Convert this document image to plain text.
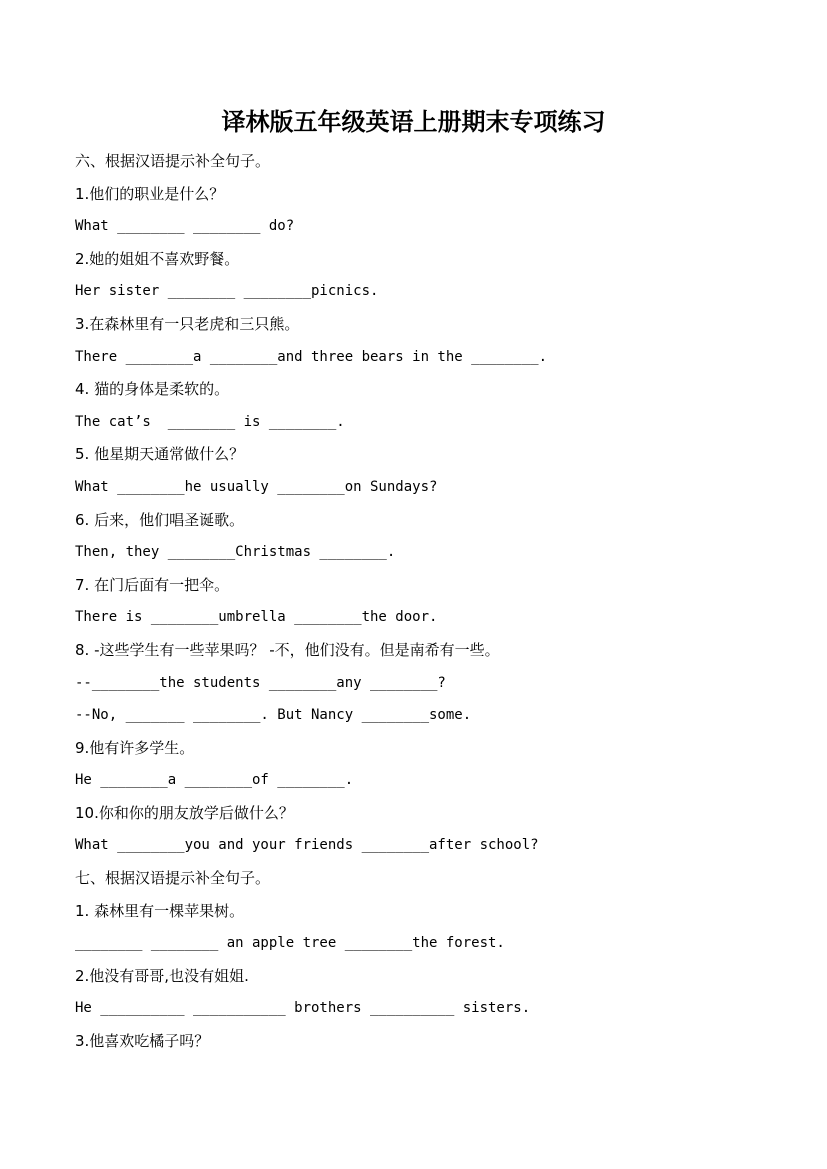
译林版五年级英语上册期末专项练习
六、根据汉语提示补全句子。
1.他们的职业是什么？
What ________ ________ do?
2.她的姐姐不喜欢野餐。
Her sister ________ ________picnics.
3.在森林里有一只老虎和三只熊。
There ________a ________and three bears in the ________.
4. 猫的身体是柔软的。
The cat’s  ________ is ________.
5. 他星期天通常做什么？
What ________he usually ________on Sundays?
6. 后来，他们唱圣诞歌。
Then, they ________Christmas ________.
7. 在门后面有一把伞。
There is ________umbrella ________the door.
8. -这些学生有一些苹果吗？ -不，他们没有。但是南希有一些。
--________the students ________any ________?
--No, _______ ________. But Nancy ________some.
9.他有许多学生。
He ________a ________of ________.
10.你和你的朋友放学后做什么？
What ________you and your friends ________after school?
七、根据汉语提示补全句子。
1. 森林里有一棵苹果树。
________ ________ an apple tree ________the forest.
2.他没有哥哥,也没有姐姐.
He __________ ___________ brothers __________ sisters.
3.他喜欢吃橘子吗？
